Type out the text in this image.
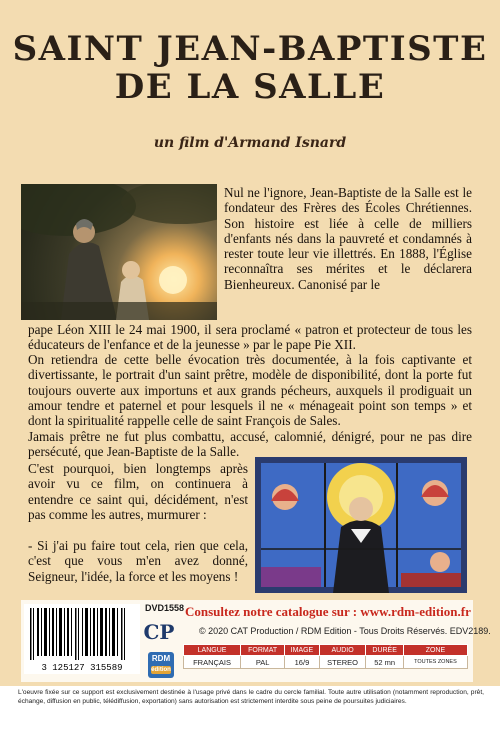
SAINT JEAN-BAPTISTE
DE LA SALLE
un film d'Armand Isnard

Nul ne l'ignore, Jean-Baptiste de la Salle est le fondateur des Frères des Écoles Chrétiennes. Son histoire est liée à celle de milliers d'enfants nés dans la pauvreté et condamnés à rester toute leur vie illettrés. En 1888, l'Église reconnaîtra ses mérites et le déclarera Bienheureux. Canonisé par le

pape Léon XIII le 24 mai 1900, il sera proclamé « patron et protecteur de tous les éducateurs de l'enfance et de la jeunesse » par le pape Pie XII.

On retiendra de cette belle évocation très documentée, à la fois captivante et divertissante, le portrait d'un saint prêtre, modèle de disponibilité, dont la porte fut toujours ouverte aux importuns et aux grands pécheurs, auxquels il prodiguait un amour tendre et paternel et pour lesquels il ne « ménageait point son temps » et dont la spiritualité rappelle celle de saint François de Sales.

Jamais prêtre ne fut plus combattu, accusé, calomnié, dénigré, pour ne pas dire persécuté, que Jean-Baptiste de la Salle.

C'est pourquoi, bien longtemps après avoir vu ce film, on continuera à entendre ce saint qui, décidément, n'est pas comme les autres, murmurer :

- Si j'ai pu faire tout cela, rien que cela, c'est que vous m'en avez donné, Seigneur, l'idée, la force et les moyens !

3 125127 315589
DVD1558
CP
RDM
édition
Consultez notre catalogue sur : www.rdm-edition.fr
© 2020 CAT Production / RDM Edition - Tous Droits Réservés. EDV2189.
LANGUE	FORMAT	IMAGE	AUDIO	DURÉE	ZONE
FRANÇAIS	PAL	16/9	STEREO	52 mn	TOUTES ZONES

L'oeuvre fixée sur ce support est exclusivement destinée à l'usage privé dans le cadre du cercle familial. Toute autre utilisation (notamment reproduction, prêt, échange, diffusion en public, télédiffusion, exportation) sans autorisation est strictement interdite sous peine de poursuites judiciaires.
